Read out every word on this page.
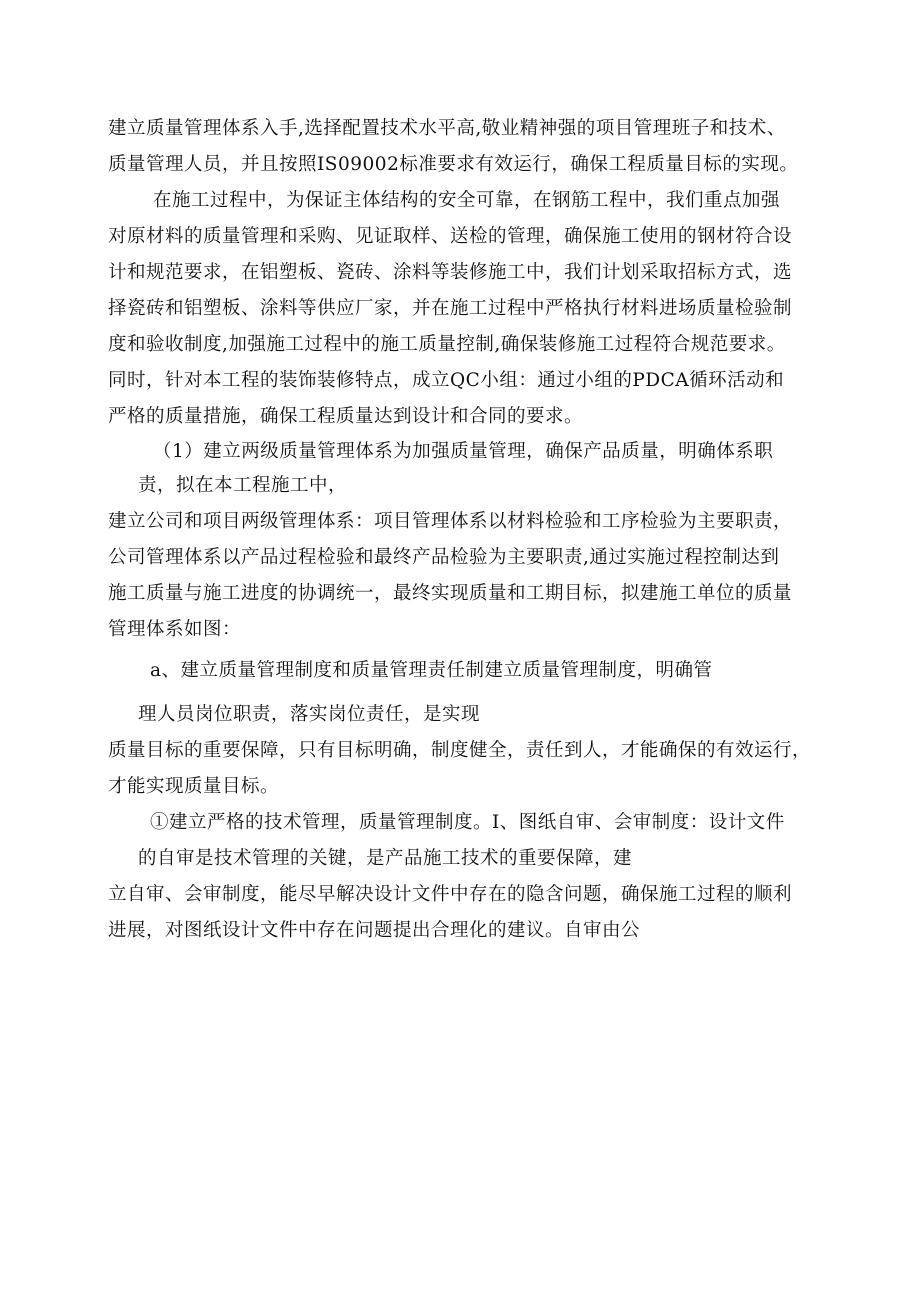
建立质量管理体系入手,选择配置技术水平高,敬业精神强的项目管理班子和技术、
质量管理人员，并且按照IS09002标准要求有效运行，确保工程质量目标的实现。
在施工过程中，为保证主体结构的安全可靠，在钢筋工程中，我们重点加强
对原材料的质量管理和采购、见证取样、送检的管理，确保施工使用的钢材符合设
计和规范要求，在铝塑板、瓷砖、涂料等装修施工中，我们计划采取招标方式，选
择瓷砖和铝塑板、涂料等供应厂家，并在施工过程中严格执行材料进场质量检验制
度和验收制度,加强施工过程中的施工质量控制,确保装修施工过程符合规范要求。
同时，针对本工程的装饰装修特点，成立QC小组：通过小组的PDCA循环活动和
严格的质量措施，确保工程质量达到设计和合同的要求。
（1）建立两级质量管理体系为加强质量管理，确保产品质量，明确体系职
责，拟在本工程施工中，
建立公司和项目两级管理体系：项目管理体系以材料检验和工序检验为主要职责，
公司管理体系以产品过程检验和最终产品检验为主要职责,通过实施过程控制达到
施工质量与施工进度的协调统一，最终实现质量和工期目标，拟建施工单位的质量
管理体系如图：
a、建立质量管理制度和质量管理责任制建立质量管理制度，明确管
理人员岗位职责，落实岗位责任，是实现
质量目标的重要保障，只有目标明确，制度健全，责任到人，才能确保的有效运行，
才能实现质量目标。
①建立严格的技术管理，质量管理制度。I、图纸自审、会审制度：设计文件
的自审是技术管理的关键，是产品施工技术的重要保障，建
立自审、会审制度，能尽早解决设计文件中存在的隐含问题，确保施工过程的顺利
进展，对图纸设计文件中存在问题提出合理化的建议。自审由公
